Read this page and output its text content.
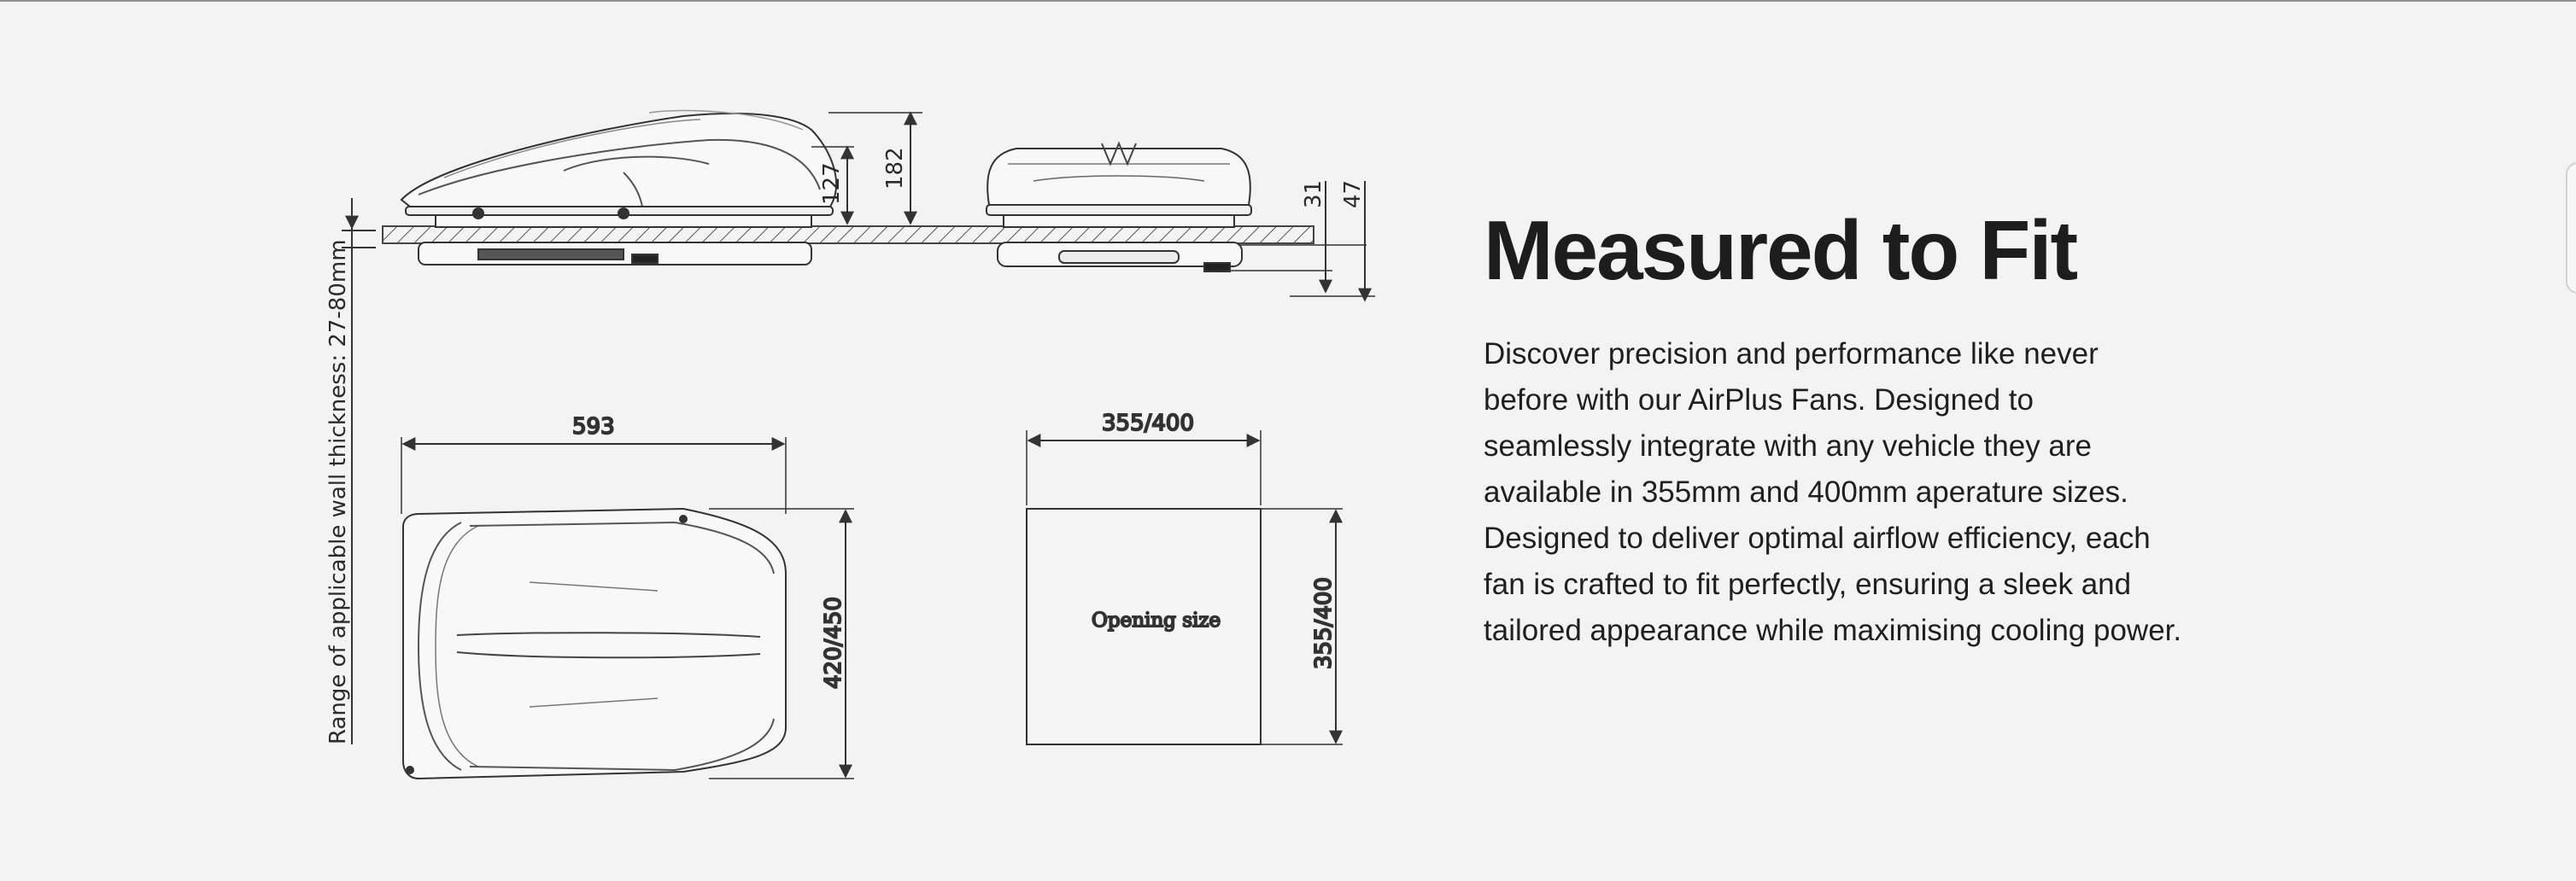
Range of applicable wall thickness: 27-80mm
127 182
31 47
593
420/450
355/400
Opening size	355/400
Measured to Fit

Discover precision and performance like never before with our AirPlus Fans. Designed to seamlessly integrate with any vehicle they are available in 355mm and 400mm aperature sizes. Designed to deliver optimal airflow efficiency, each fan is crafted to fit perfectly, ensuring a sleek and tailored appearance while maximising cooling power.
